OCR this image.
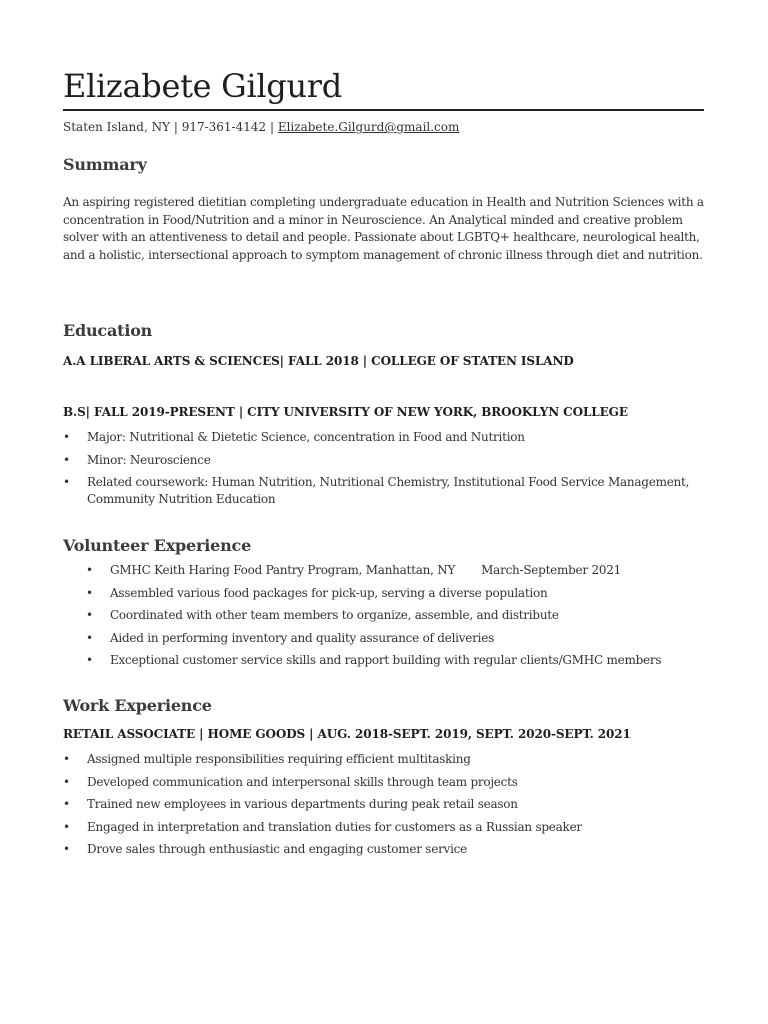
Elizabete Gilgurd
Staten Island, NY | 917-361-4142 | Elizabete.Gilgurd@gmail.com
Summary
An aspiring registered dietitian completing undergraduate education in Health and Nutrition Sciences with a concentration in Food/Nutrition and a minor in Neuroscience. An Analytical minded and creative problem solver with an attentiveness to detail and people. Passionate about LGBTQ+ healthcare, neurological health, and a holistic, intersectional approach to symptom management of chronic illness through diet and nutrition.
Education
A.A LIBERAL ARTS & SCIENCES| FALL 2018 | COLLEGE OF STATEN ISLAND
B.S| FALL 2019-PRESENT | CITY UNIVERSITY OF NEW YORK, BROOKLYN COLLEGE
• Major: Nutritional & Dietetic Science, concentration in Food and Nutrition
• Minor: Neuroscience
• Related coursework: Human Nutrition, Nutritional Chemistry, Institutional Food Service Management, Community Nutrition Education
Volunteer Experience
• GMHC Keith Haring Food Pantry Program, Manhattan, NY March-September 2021
• Assembled various food packages for pick-up, serving a diverse population
• Coordinated with other team members to organize, assemble, and distribute
• Aided in performing inventory and quality assurance of deliveries
• Exceptional customer service skills and rapport building with regular clients/GMHC members
Work Experience
RETAIL ASSOCIATE | HOME GOODS | AUG. 2018-SEPT. 2019, SEPT. 2020-SEPT. 2021
• Assigned multiple responsibilities requiring efficient multitasking
• Developed communication and interpersonal skills through team projects
• Trained new employees in various departments during peak retail season
• Engaged in interpretation and translation duties for customers as a Russian speaker
• Drove sales through enthusiastic and engaging customer service
